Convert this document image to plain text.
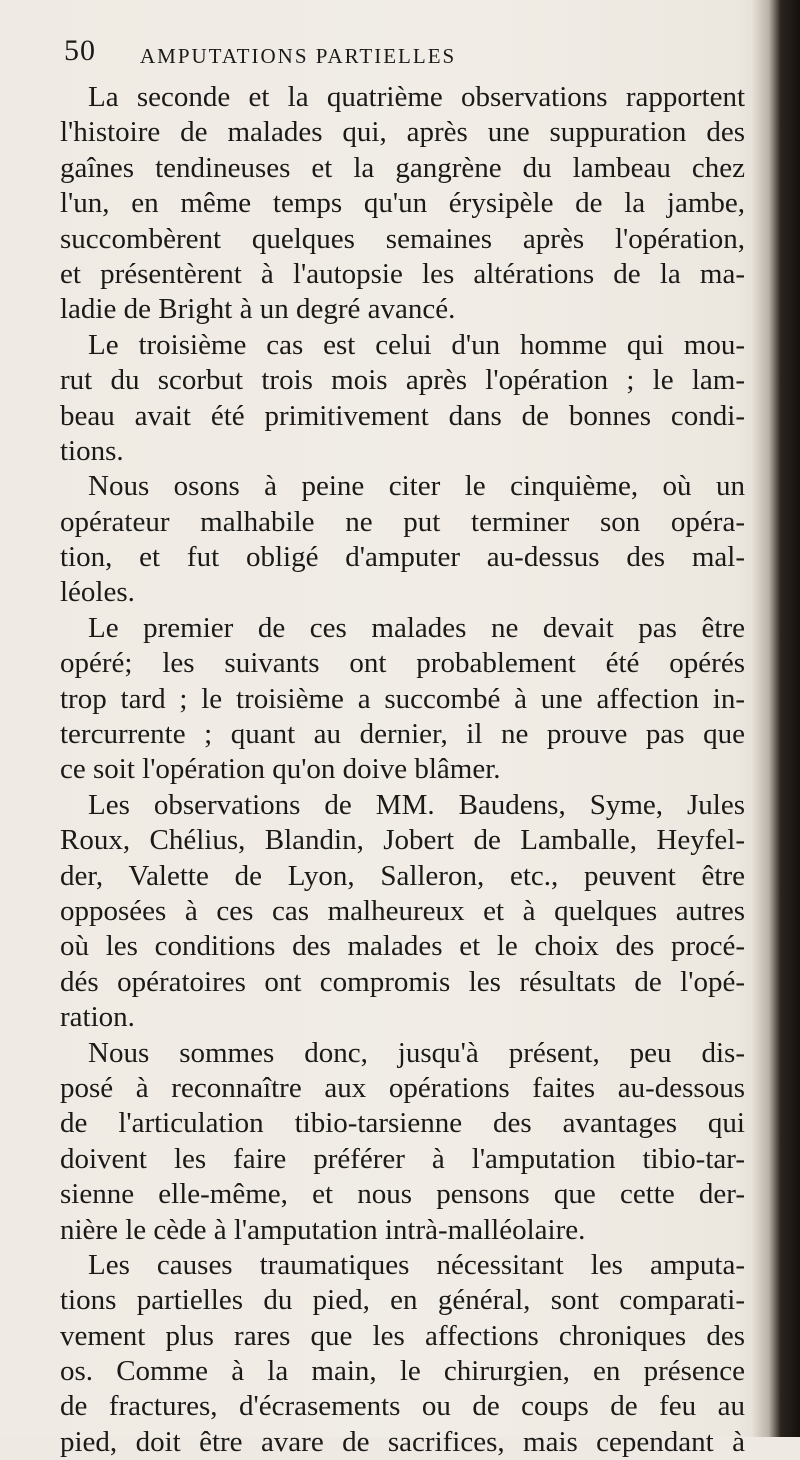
50 AMPUTATIONS PARTIELLES
La seconde et la quatrième observations rapportent
l'histoire de malades qui, après une suppuration des
gaînes tendineuses et la gangrène du lambeau chez
l'un, en même temps qu'un érysipèle de la jambe,
succombèrent quelques semaines après l'opération,
et présentèrent à l'autopsie les altérations de la ma-
ladie de Bright à un degré avancé.
Le troisième cas est celui d'un homme qui mou-
rut du scorbut trois mois après l'opération ; le lam-
beau avait été primitivement dans de bonnes condi-
tions.
Nous osons à peine citer le cinquième, où un
opérateur malhabile ne put terminer son opéra-
tion, et fut obligé d'amputer au-dessus des mal-
léoles.
Le premier de ces malades ne devait pas être
opéré; les suivants ont probablement été opérés
trop tard ; le troisième a succombé à une affection in-
tercurrente ; quant au dernier, il ne prouve pas que
ce soit l'opération qu'on doive blâmer.
Les observations de MM. Baudens, Syme, Jules
Roux, Chélius, Blandin, Jobert de Lamballe, Heyfel-
der, Valette de Lyon, Salleron, etc., peuvent être
opposées à ces cas malheureux et à quelques autres
où les conditions des malades et le choix des procé-
dés opératoires ont compromis les résultats de l'opé-
ration.
Nous sommes donc, jusqu'à présent, peu dis-
posé à reconnaître aux opérations faites au-dessous
de l'articulation tibio-tarsienne des avantages qui
doivent les faire préférer à l'amputation tibio-tar-
sienne elle-même, et nous pensons que cette der-
nière le cède à l'amputation intrà-malléolaire.
Les causes traumatiques nécessitant les amputa-
tions partielles du pied, en général, sont comparati-
vement plus rares que les affections chroniques des
os. Comme à la main, le chirurgien, en présence
de fractures, d'écrasements ou de coups de feu au
pied, doit être avare de sacrifices, mais cependant à
